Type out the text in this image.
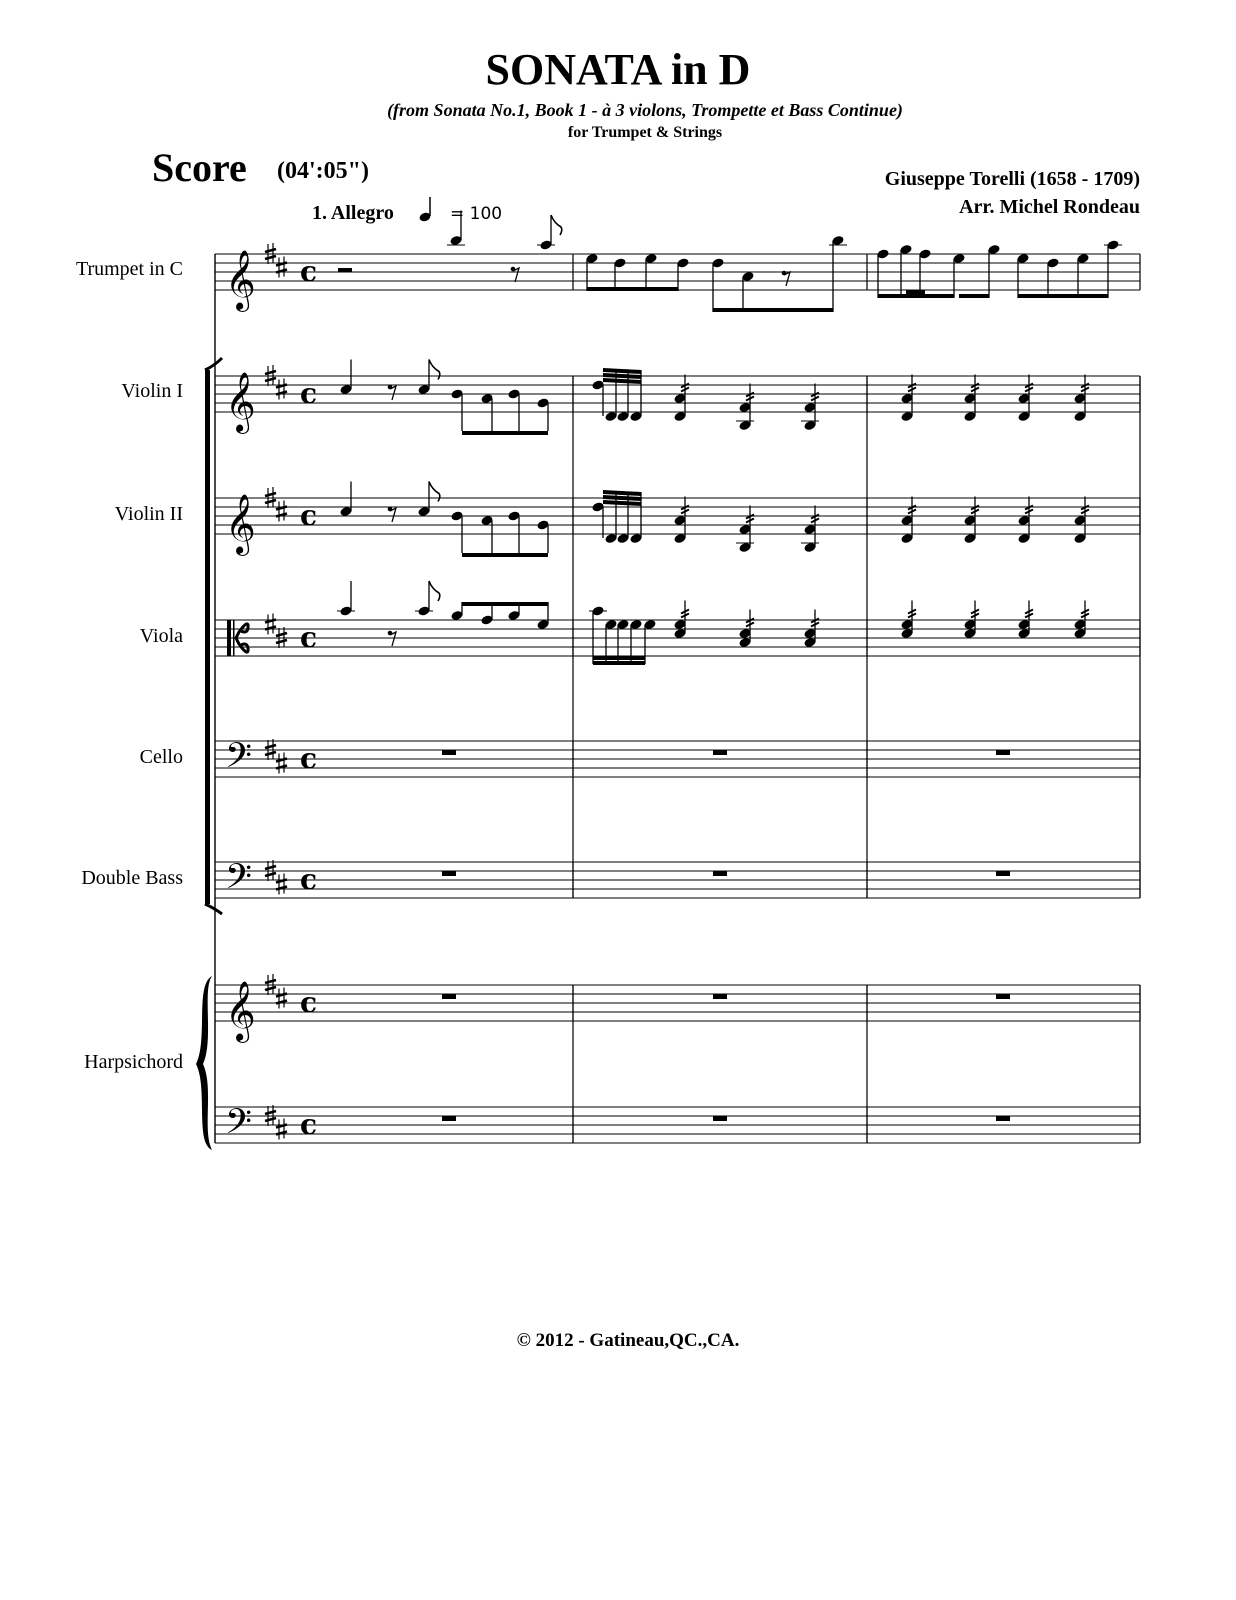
SONATA in D
(from Sonata No.1, Book 1 - à 3 violons, Trompette et Bass Continue)
for Trumpet & Strings
Score (04':05")	Giuseppe Torelli (1658 - 1709)
Arr. Michel Rondeau
1. Allegro	= 100
Trumpet in C
Violin I
Violin II
Viola
Cello
Double Bass
Harpsichord
© 2012 - Gatineau,QC.,CA.
𝄞 c
𝄞 c
𝄞 c
c
𝄢 c
𝄢 c
𝄞 c
𝄢 c
